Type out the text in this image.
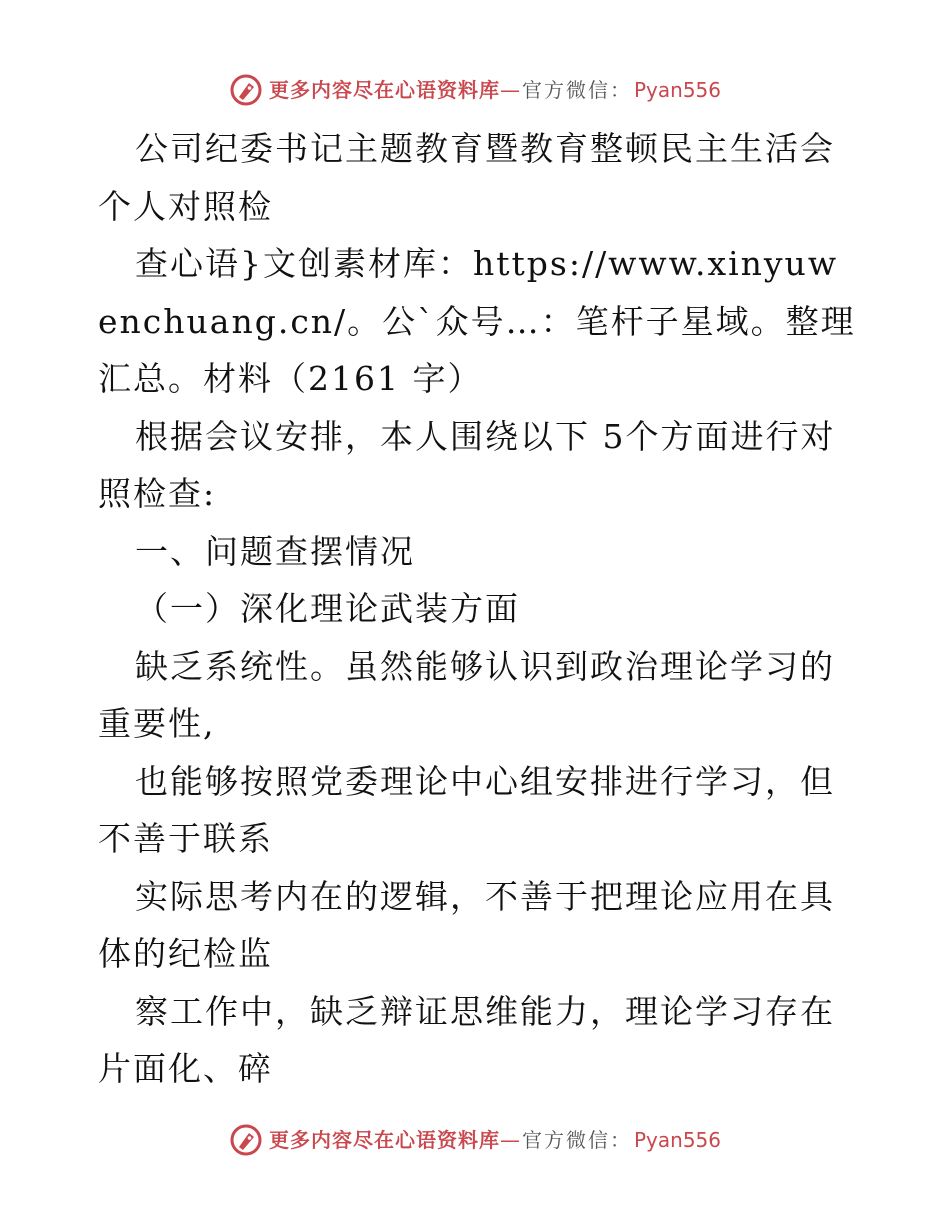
更多内容尽在心语资料库 — 官方微信： Pyan556

公司纪委书记主题教育暨教育整顿民主生活会个人对照检

查心语}文创素材库：https://www.xinyuwenchuang.cn/。公`众号…：笔杆子星域。整理汇总。材料（2161 字）

根据会议安排，本人围绕以下 5个方面进行对照检查:

一、问题查摆情况

（一）深化理论武装方面

缺乏系统性。虽然能够认识到政治理论学习的重要性,

也能够按照党委理论中心组安排进行学习，但不善于联系

实际思考内在的逻辑，不善于把理论应用在具体的纪检监

察工作中，缺乏辩证思维能力，理论学习存在片面化、碎

更多内容尽在心语资料库 — 官方微信： Pyan556
